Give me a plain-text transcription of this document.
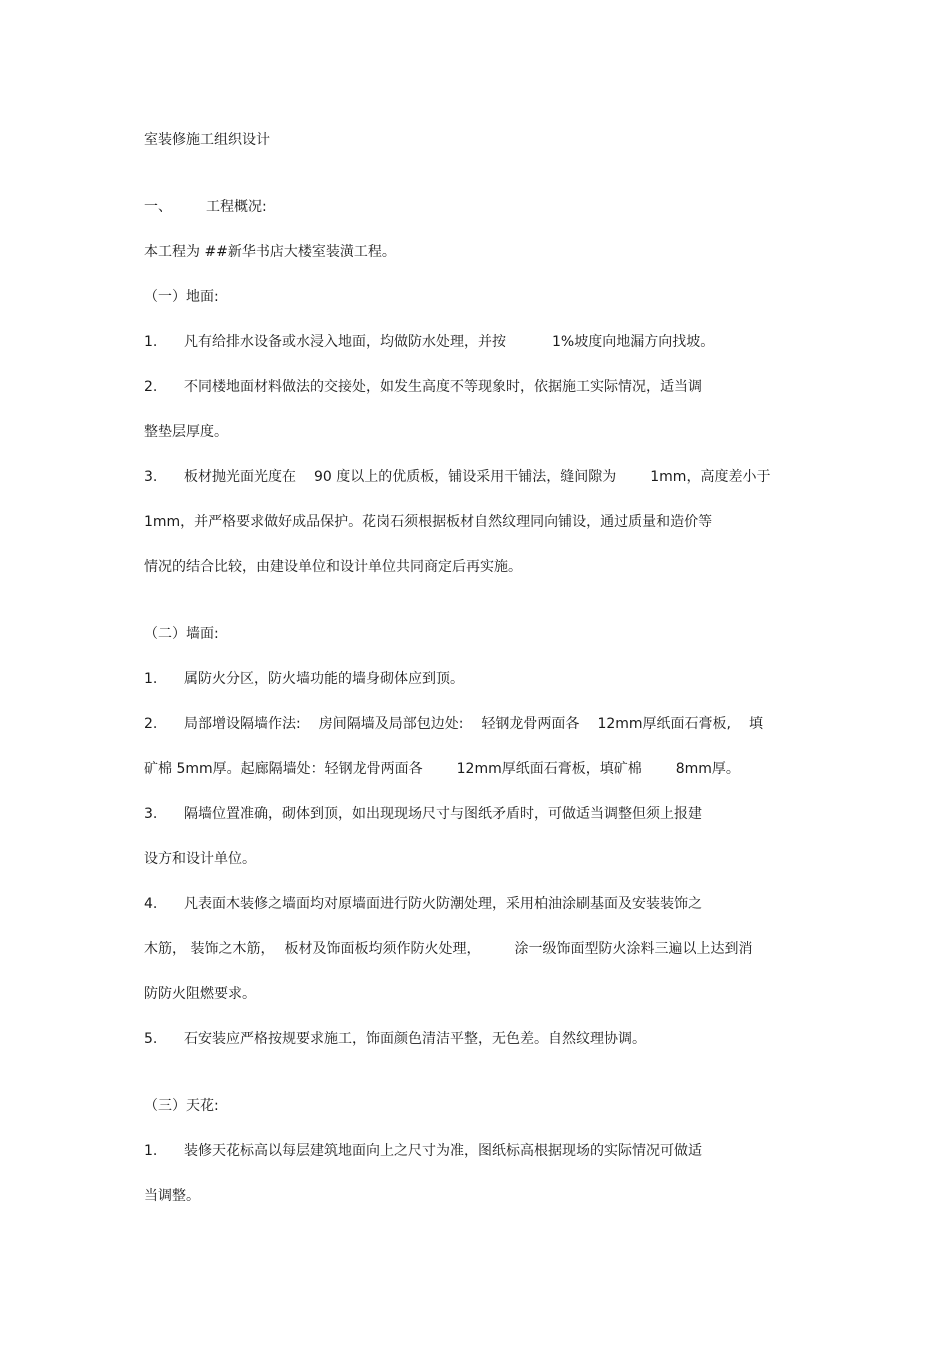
室装修施工组织设计
一、 工程概况:
本工程为 ##新华书店大楼室装潢工程。
（一）地面:
1. 凡有给排水设备或水浸入地面，均做防水处理，并按	1%坡度向地漏方向找坡。
2. 不同楼地面材料做法的交接处，如发生高度不等现象时，依据施工实际情况，适当调
整垫层厚度。
3. 板材抛光面光度在 90 度以上的优质板，铺设采用干铺法，缝间隙为 1mm，高度差小于
1mm，并严格要求做好成品保护。花岗石须根据板材自然纹理同向铺设，通过质量和造价等
情况的结合比较，由建设单位和设计单位共同商定后再实施。
（二）墙面:
1. 属防火分区，防火墙功能的墙身砌体应到顶。
2. 局部增设隔墙作法: 房间隔墙及局部包边处: 轻钢龙骨两面各 12mm厚纸面石膏板, 填
矿棉 5mm厚。起廊隔墙处：轻钢龙骨两面各 12mm厚纸面石膏板，填矿棉 8mm厚。
3. 隔墙位置准确，砌体到顶，如出现现场尺寸与图纸矛盾时，可做适当调整但须上报建
设方和设计单位。
4. 凡表面木装修之墙面均对原墙面进行防火防潮处理，采用柏油涂刷基面及安装装饰之
木筋， 装饰之木筋， 板材及饰面板均须作防火处理， 涂一级饰面型防火涂料三遍以上达到消
防防火阻燃要求。
5. 石安装应严格按规要求施工，饰面颜色清洁平整，无色差。自然纹理协调。
（三）天花:
1. 装修天花标高以每层建筑地面向上之尺寸为准，图纸标高根据现场的实际情况可做适
当调整。
